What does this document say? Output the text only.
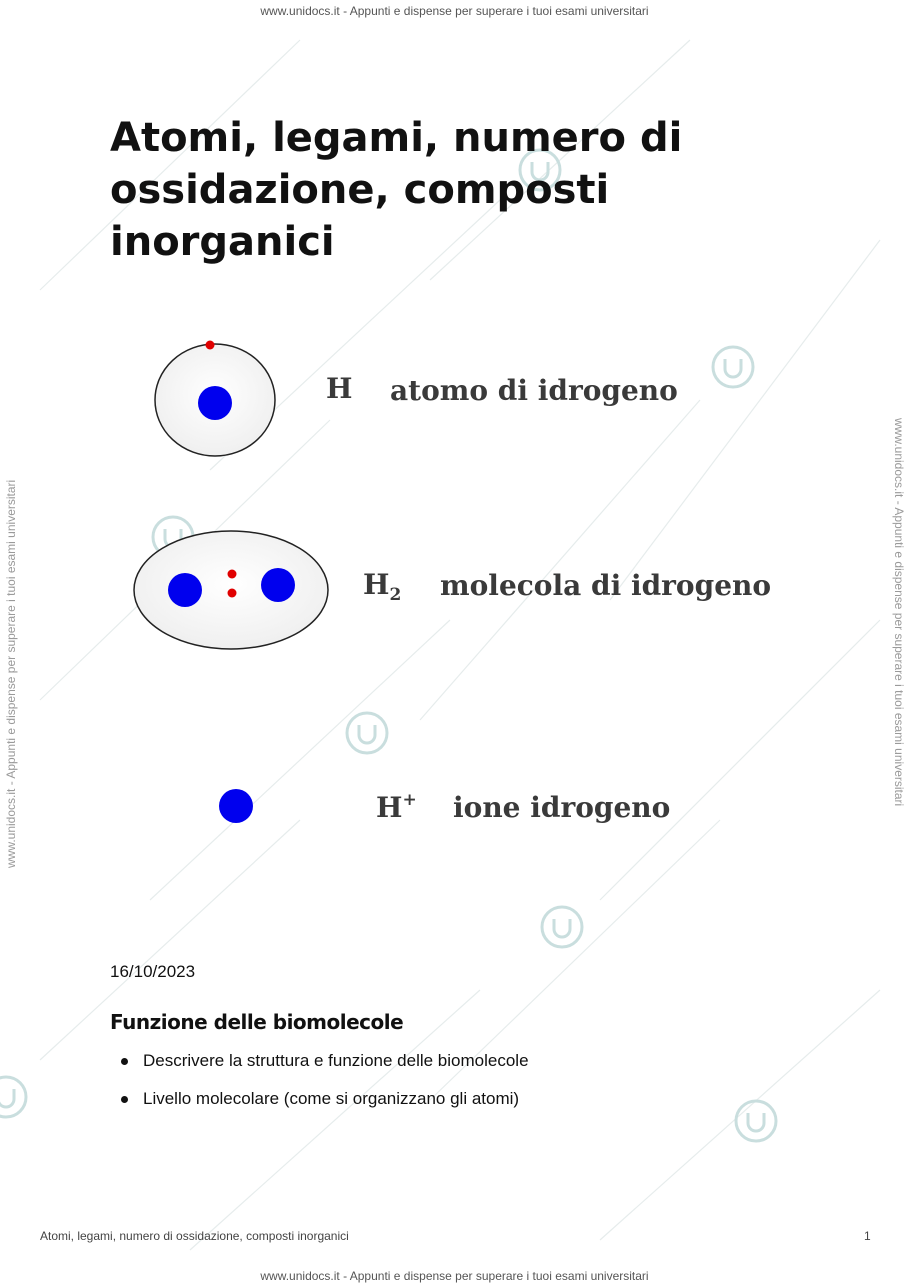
www.unidocs.it - Appunti e dispense per superare i tuoi esami universitari
www.unidocs.it - Appunti e dispense per superare i tuoi esami universitari
www.unidocs.it - Appunti e dispense per superare i tuoi esami universitari	www.unidocs.it - Appunti e dispense per superare i tuoi esami universitari
Atomi, legami, numero di ossidazione, composti inorganici
H atomo di idrogeno
$H_2$ molecola di idrogeno
H+ ione idrogeno
16/10/2023
Funzione delle biomolecole
Descrivere la struttura e funzione delle biomolecole
Livello molecolare (come si organizzano gli atomi)
Atomi, legami, numero di ossidazione, composti inorganici	1
